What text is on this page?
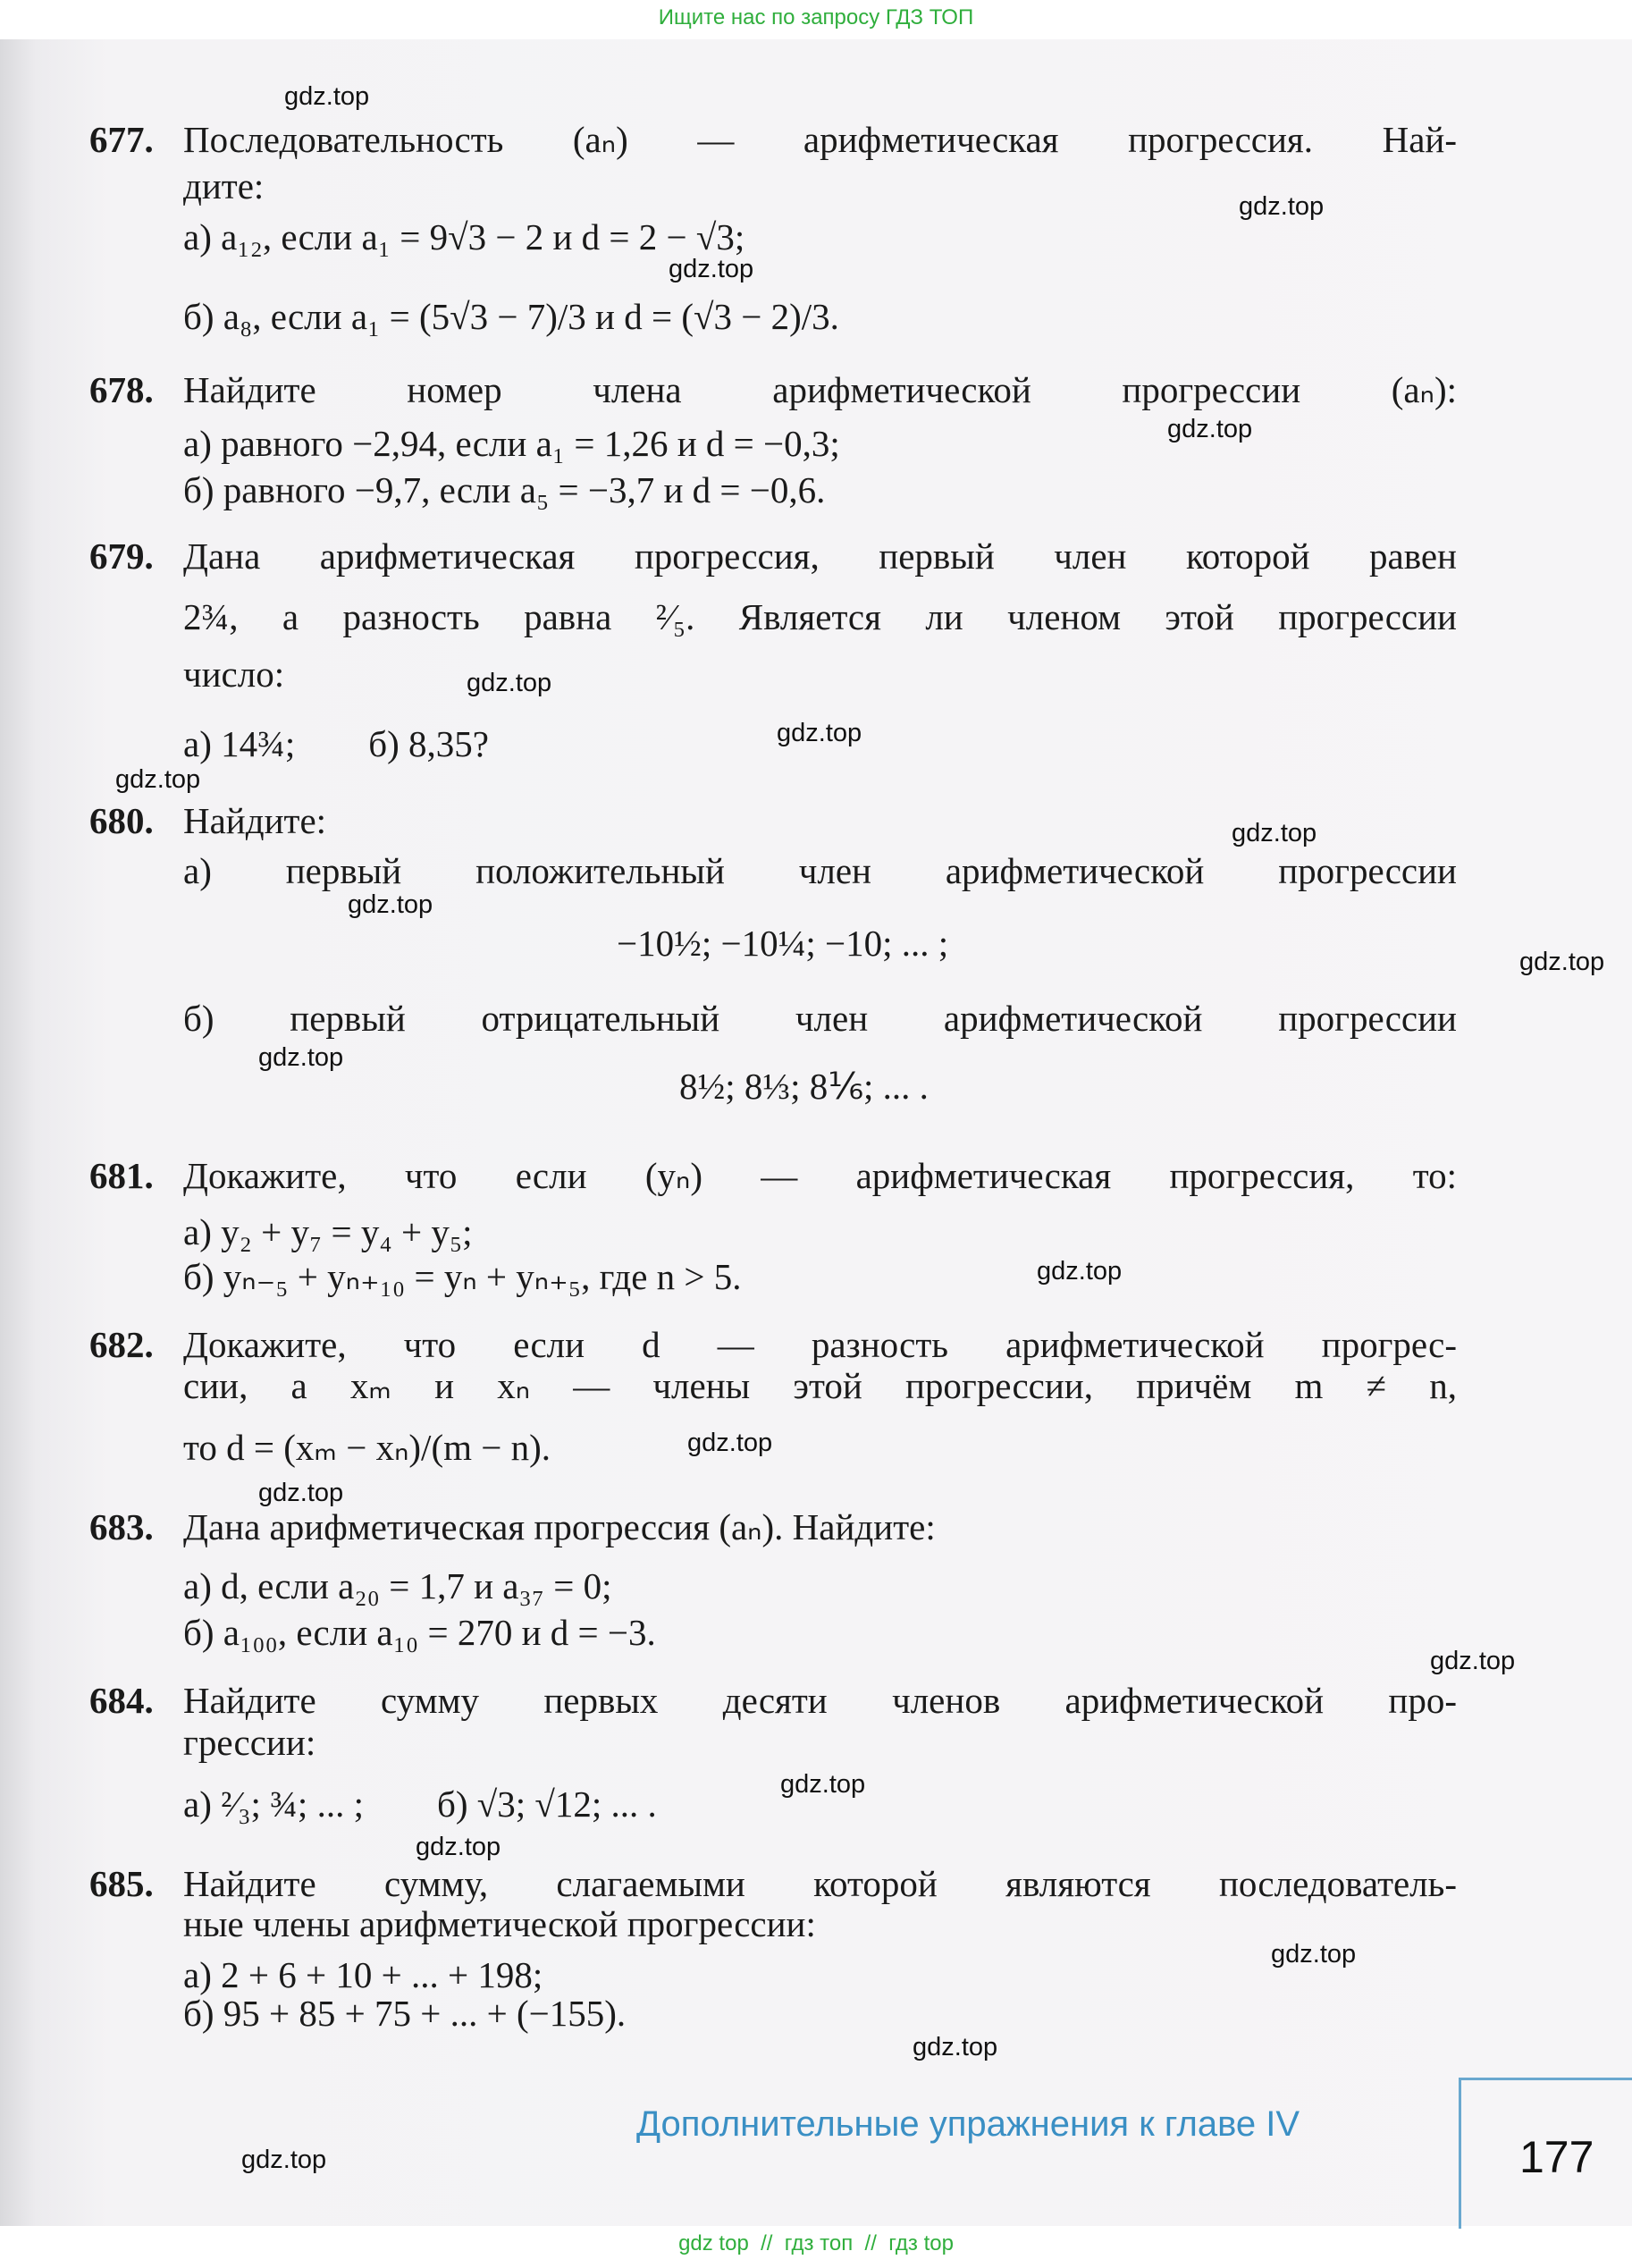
Ищите нас по запросу ГДЗ ТОП
677. Последовательность (aₙ) — арифметическая прогрессия. Най-
дите:
а) a₁₂, если a₁ = 9√3 − 2 и d = 2 − √3;
б) a₈, если a₁ = (5√3 − 7)/3 и d = (√3 − 2)/3.
678. Найдите номер члена арифметической прогрессии (aₙ):
а) равного −2,94, если a₁ = 1,26 и d = −0,3;
б) равного −9,7, если a₅ = −3,7 и d = −0,6.
679. Дана арифметическая прогрессия, первый член которой равен
2¾, а разность равна ²⁄₅. Является ли членом этой прогрессии
число:
а) 14¾;        б) 8,35?
680. Найдите:
а) первый положительный член арифметической прогрессии
−10½; −10¼; −10; ... ;
б) первый отрицательный член арифметической прогрессии
8½; 8⅓; 8⅙; ... .
681. Докажите, что если (yₙ) — арифметическая прогрессия, то:
а) y₂ + y₇ = y₄ + y₅;
б) yₙ₋₅ + yₙ₊₁₀ = yₙ + yₙ₊₅, где n > 5.
682. Докажите, что если d — разность арифметической прогрес-
сии, а xₘ и xₙ — члены этой прогрессии, причём m ≠ n,
то d = (xₘ − xₙ)/(m − n).
683. Дана арифметическая прогрессия (aₙ). Найдите:
а) d, если a₂₀ = 1,7 и a₃₇ = 0;
б) a₁₀₀, если a₁₀ = 270 и d = −3.
684. Найдите сумму первых десяти членов арифметической про-
грессии:
а) ²⁄₃; ¾; ... ;        б) √3; √12; ... .
685. Найдите сумму, слагаемыми которой являются последователь-
ные члены арифметической прогрессии:
а) 2 + 6 + 10 + ... + 198;
б) 95 + 85 + 75 + ... + (−155).
gdz.top
gdz.top
gdz.top
gdz.top
gdz.top
gdz.top
gdz.top
gdz.top
gdz.top
gdz.top
gdz.top
gdz.top
gdz.top
gdz.top
gdz.top
gdz.top
gdz.top
gdz.top
gdz.top
gdz.top
Дополнительные упражнения к главе IV
177
gdz top  //  гдз топ  //  гдз top
